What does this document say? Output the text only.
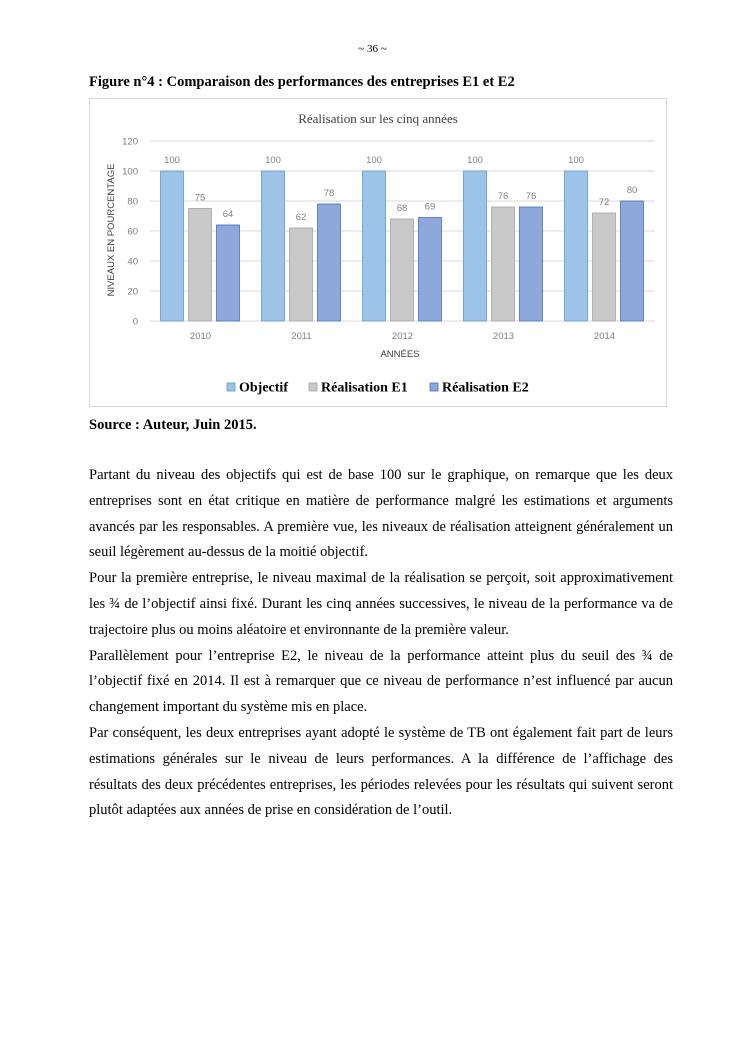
~ 36 ~
Figure n°4 : Comparaison des performances des entreprises E1 et E2
Réalisation sur les cinq années
0
20
40
60
80
100
120
100
75
64
100
62
78
100
68 69
100
76 76
100
72
80
2010	2011	2012	2013	2014
ANNÉES
NIVEAUX EN POURCENTAGE
Objectif Réalisation E1 Réalisation E2
Source : Auteur, Juin 2015.

Partant du niveau des objectifs qui est de base 100 sur le graphique, on remarque que les deux entreprises sont en état critique en matière de performance malgré les estimations et arguments avancés par les responsables. A première vue, les niveaux de réalisation atteignent généralement un seuil légèrement au-dessus de la moitié objectif.

Pour la première entreprise, le niveau maximal de la réalisation se perçoit, soit approximativement les ¾ de l’objectif ainsi fixé. Durant les cinq années successives, le niveau de la performance va de trajectoire plus ou moins aléatoire et environnante de la première valeur.

Parallèlement pour l’entreprise E2, le niveau de la performance atteint plus du seuil des ¾ de l’objectif fixé en 2014. Il est à remarquer que ce niveau de performance n’est influencé par aucun changement important du système mis en place.

Par conséquent, les deux entreprises ayant adopté le système de TB ont également fait part de leurs estimations générales sur le niveau de leurs performances. A la différence de l’affichage des résultats des deux précédentes entreprises, les périodes relevées pour les résultats qui suivent seront plutôt adaptées aux années de prise en considération de l’outil.
